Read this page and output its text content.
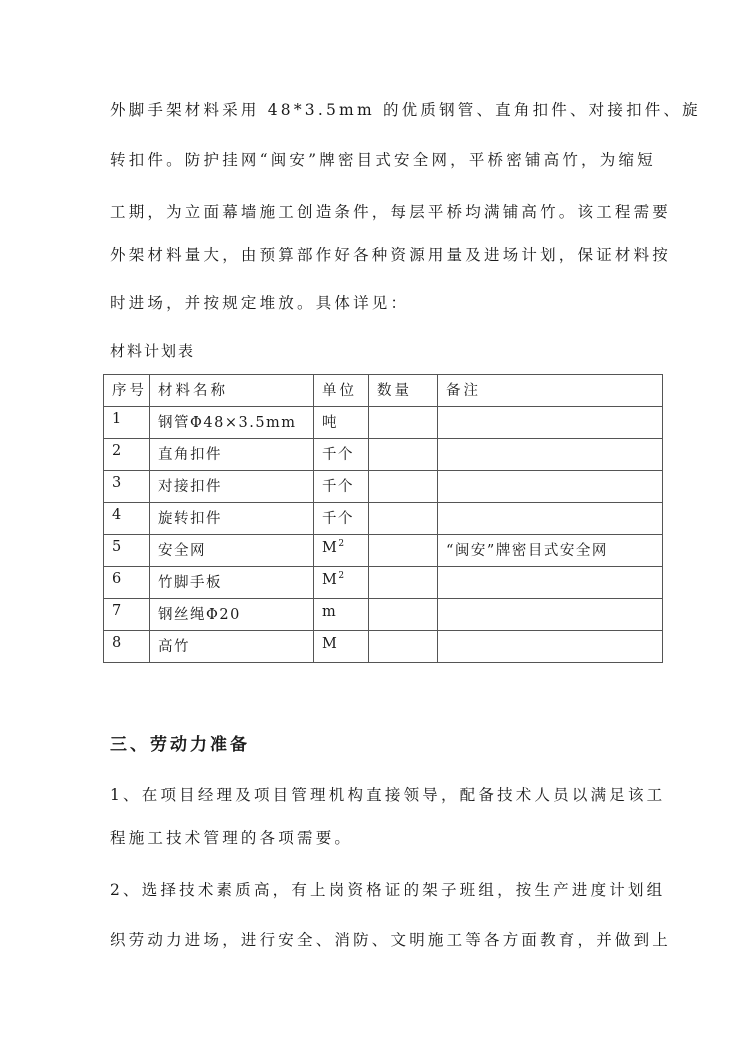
外脚手架材料采用 48*3.5mm 的优质钢管、直角扣件、对接扣件、旋
转扣件。防护挂网“闽安”牌密目式安全网，平桥密铺高竹，为缩短
工期，为立面幕墙施工创造条件，每层平桥均满铺高竹。该工程需要
外架材料量大，由预算部作好各种资源用量及进场计划，保证材料按
时进场，并按规定堆放。具体详见：
材料计划表
序号	材料名称	单位	数量	备注
1	钢管Φ48×3.5mm	吨		
2	直角扣件	千个		
3	对接扣件	千个		
4	旋转扣件	千个		
5	安全网	$M^2$		“闽安”牌密目式安全网
6	竹脚手板	$M^2$		
7	钢丝绳Φ20	m		
8	高竹	M		
三、劳动力准备
1、在项目经理及项目管理机构直接领导，配备技术人员以满足该工
程施工技术管理的各项需要。
2、选择技术素质高，有上岗资格证的架子班组，按生产进度计划组
织劳动力进场，进行安全、消防、文明施工等各方面教育，并做到上
